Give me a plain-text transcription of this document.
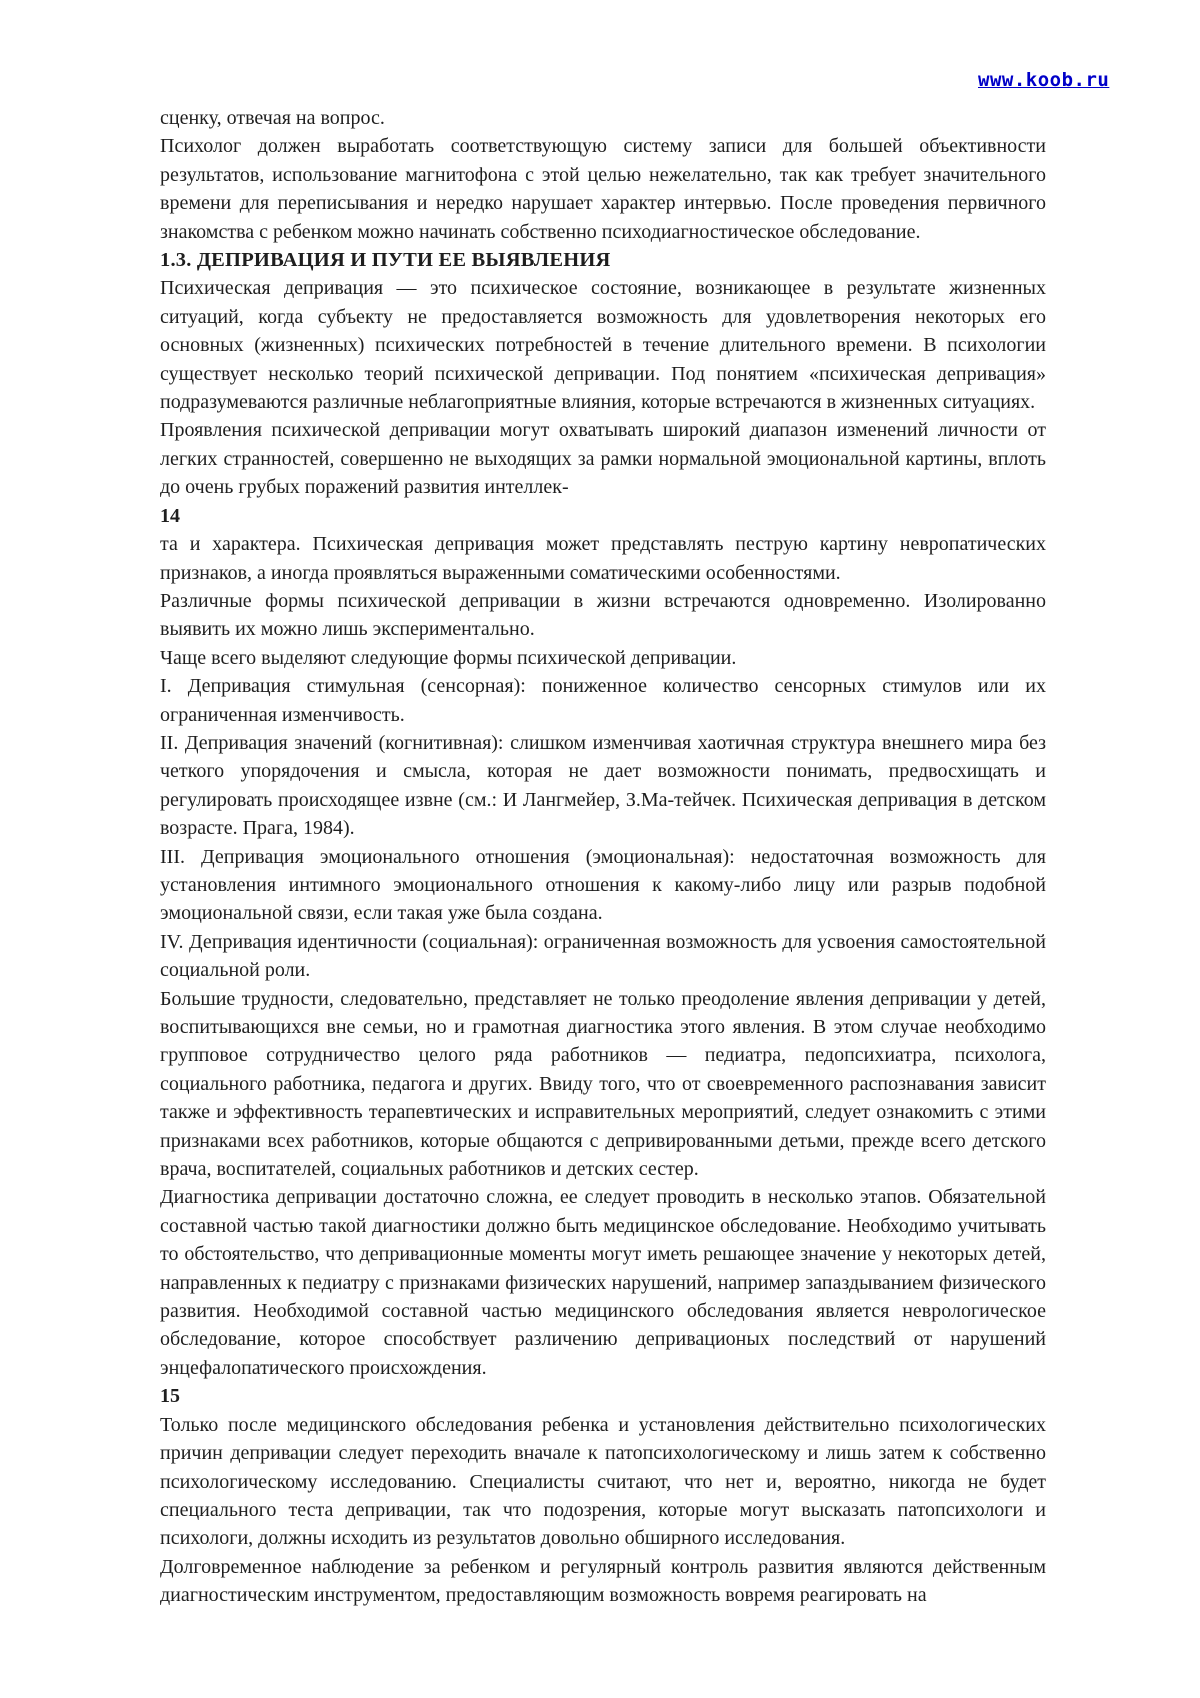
www.koob.ru

сценку, отвечая на вопрос.

Психолог должен выработать соответствующую систему записи для большей объективности результатов, использование магнитофона с этой целью нежелательно, так как требует значительного времени для переписывания и нередко нарушает характер интервью. После проведения первичного знакомства с ребенком можно начинать собственно психодиагностическое обследование.

1.3. ДЕПРИВАЦИЯ И ПУТИ ЕЕ ВЫЯВЛЕНИЯ

Психическая депривация — это психическое состояние, возникающее в результате жизненных ситуаций, когда субъекту не предоставляется возможность для удовлетворения некоторых его основных (жизненных) психических потребностей в течение длительного времени. В психологии существует несколько теорий психической депривации. Под понятием «психическая депривация» подразумеваются различные неблагоприятные влияния, которые встречаются в жизненных ситуациях.

Проявления психической депривации могут охватывать широкий диапазон изменений личности от легких странностей, совершенно не выходящих за рамки нормальной эмоциональной картины, вплоть до очень грубых поражений развития интеллек-

14

та и характера. Психическая депривация может представлять пеструю картину невропатических признаков, а иногда проявляться выраженными соматическими особенностями.

Различные формы психической депривации в жизни встречаются одновременно. Изолированно выявить их можно лишь экспериментально.

Чаще всего выделяют следующие формы психической депривации.

I. Депривация стимульная (сенсорная): пониженное количество сенсорных стимулов или их ограниченная изменчивость.

II. Депривация значений (когнитивная): слишком изменчивая хаотичная структура внешнего мира без четкого упорядочения и смысла, которая не дает возможности понимать, предвосхищать и регулировать происходящее извне (см.: И Лангмейер, З.Ма-тейчек. Психическая депривация в детском возрасте. Прага, 1984).

III. Депривация эмоционального отношения (эмоциональная): недостаточная возможность для установления интимного эмоционального отношения к какому-либо лицу или разрыв подобной эмоциональной связи, если такая уже была создана.

IV. Депривация идентичности (социальная): ограниченная возможность для усвоения самостоятельной социальной роли.

Большие трудности, следовательно, представляет не только преодоление явления депривации у детей, воспитывающихся вне семьи, но и грамотная диагностика этого явления. В этом случае необходимо групповое сотрудничество целого ряда работников — педиатра, педопсихиатра, психолога, социального работника, педагога и других. Ввиду того, что от своевременного распознавания зависит также и эффективность терапевтических и исправительных мероприятий, следует ознакомить с этими признаками всех работников, которые общаются с депривированными детьми, прежде всего детского врача, воспитателей, социальных работников и детских сестер.

Диагностика депривации достаточно сложна, ее следует проводить в несколько этапов. Обязательной составной частью такой диагностики должно быть медицинское обследование. Необходимо учитывать то обстоятельство, что депривационные моменты могут иметь решающее значение у некоторых детей, направленных к педиатру с признаками физических нарушений, например запаздыванием физического развития. Необходимой составной частью медицинского обследования является неврологическое обследование, которое способствует различению депривационых последствий от нарушений энцефалопатического происхождения.

15

Только после медицинского обследования ребенка и установления действительно психологических причин депривации следует переходить вначале к патопсихологическому и лишь затем к собственно психологическому исследованию. Специалисты считают, что нет и, вероятно, никогда не будет специального теста депривации, так что подозрения, которые могут высказать патопсихологи и психологи, должны исходить из результатов довольно обширного исследования.

Долговременное наблюдение за ребенком и регулярный контроль развития являются действенным диагностическим инструментом, предоставляющим возможность вовремя реагировать на
